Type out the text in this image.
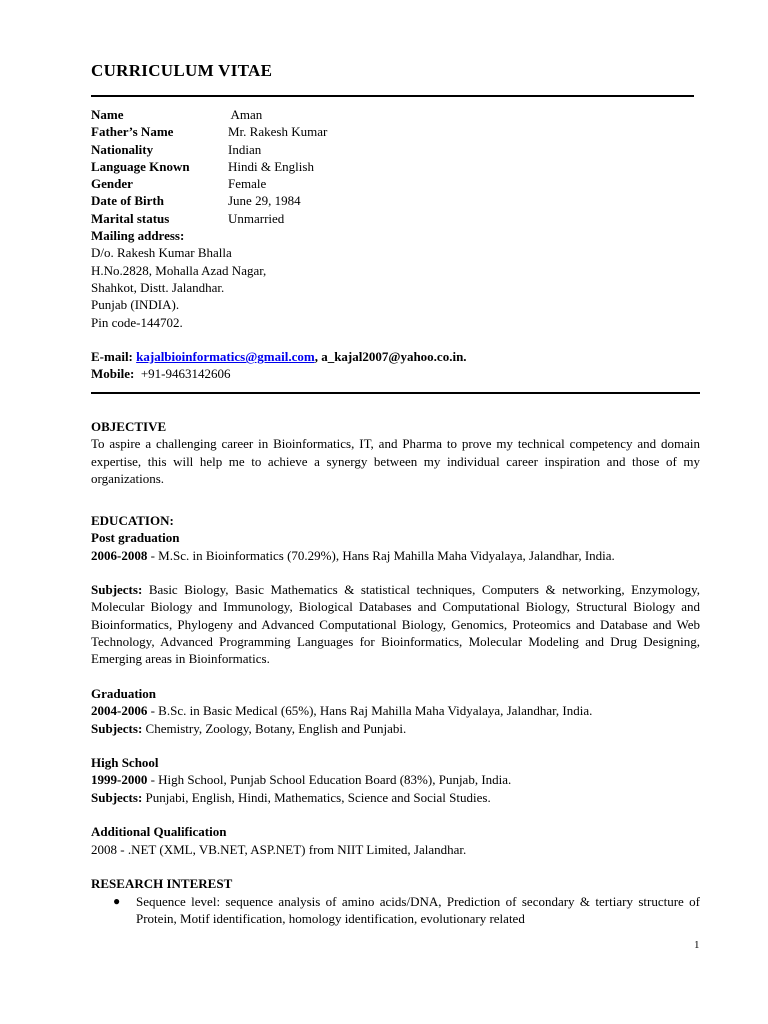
CURRICULUM VITAE
Name	Aman
Father’s Name	Mr. Rakesh Kumar
Nationality	Indian
Language Known	Hindi & English
Gender	Female
Date of Birth	June 29, 1984
Marital status	Unmarried
Mailing address:
D/o. Rakesh Kumar Bhalla
H.No.2828, Mohalla Azad Nagar,
Shahkot, Distt. Jalandhar.
Punjab (INDIA).
Pin code-144702.
E-mail: kajalbioinformatics@gmail.com, a_kajal2007@yahoo.co.in.
Mobile:  +91-9463142606
OBJECTIVE
To aspire a challenging career in Bioinformatics, IT, and Pharma to prove my technical competency and domain expertise, this will help me to achieve a synergy between my individual career inspiration and those of my organizations.
EDUCATION:
Post graduation
2006-2008 - M.Sc. in Bioinformatics (70.29%), Hans Raj Mahilla Maha Vidyalaya, Jalandhar, India.
Subjects: Basic Biology, Basic Mathematics & statistical techniques, Computers & networking, Enzymology, Molecular Biology and Immunology, Biological Databases and Computational Biology, Structural Biology and Bioinformatics, Phylogeny and Advanced Computational Biology, Genomics, Proteomics and Database and Web Technology, Advanced Programming Languages for Bioinformatics, Molecular Modeling and Drug Designing, Emerging areas in Bioinformatics.
Graduation
2004-2006 - B.Sc. in Basic Medical (65%), Hans Raj Mahilla Maha Vidyalaya, Jalandhar, India.
Subjects: Chemistry, Zoology, Botany, English and Punjabi.
High School
1999-2000 - High School, Punjab School Education Board (83%), Punjab, India.
Subjects: Punjabi, English, Hindi, Mathematics, Science and Social Studies.
Additional Qualification
2008 - .NET (XML, VB.NET, ASP.NET) from NIIT Limited, Jalandhar.
RESEARCH INTEREST
● Sequence level: sequence analysis of amino acids/DNA, Prediction of secondary & tertiary structure of Protein, Motif identification, homology identification, evolutionary related
1
